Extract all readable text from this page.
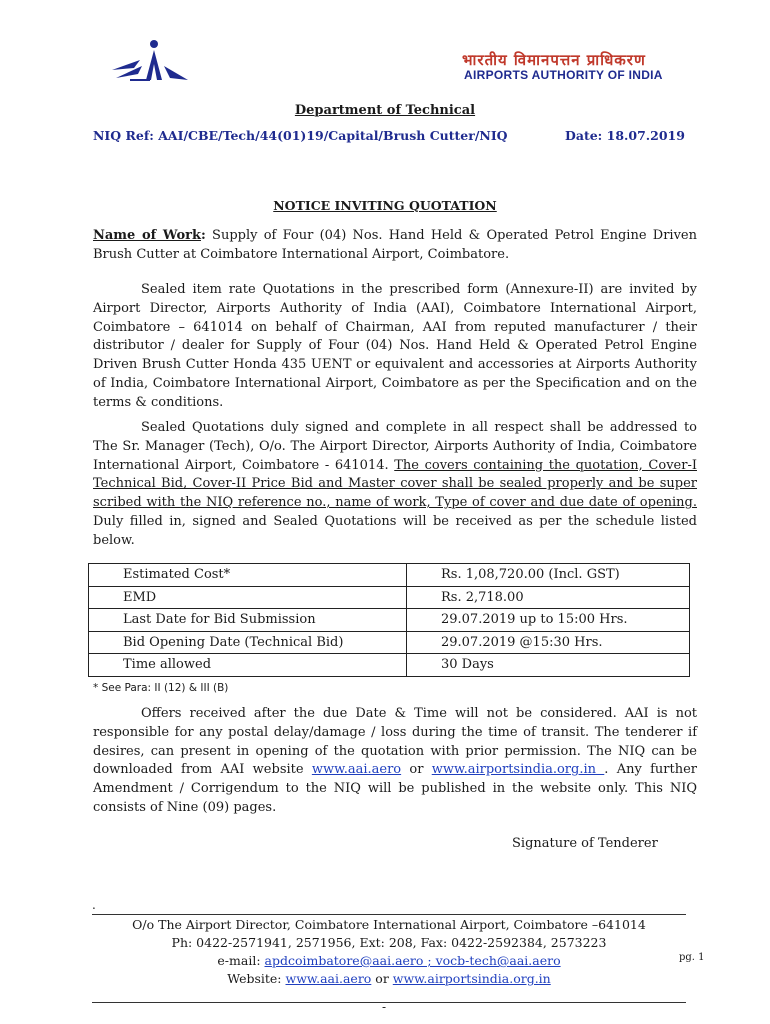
भारतीय विमानपत्तन प्राधिकरण
AIRPORTS AUTHORITY OF INDIA
Department of Technical
NIQ Ref: AAI/CBE/Tech/44(01)19/Capital/Brush Cutter/NIQ	Date: 18.07.2019
NOTICE INVITING QUOTATION

Name of Work: Supply of Four (04) Nos. Hand Held & Operated Petrol Engine Driven Brush Cutter at Coimbatore International Airport, Coimbatore.

Sealed item rate Quotations in the prescribed form (Annexure-II) are invited by Airport Director, Airports Authority of India (AAI), Coimbatore International Airport, Coimbatore – 641014 on behalf of Chairman, AAI from reputed manufacturer / their distributor / dealer for Supply of Four (04) Nos. Hand Held & Operated Petrol Engine Driven Brush Cutter Honda 435 UENT or equivalent and accessories at Airports Authority of India, Coimbatore International Airport, Coimbatore as per the Specification and on the terms & conditions.

Sealed Quotations duly signed and complete in all respect shall be addressed to The Sr. Manager (Tech), O/o. The Airport Director, Airports Authority of India, Coimbatore International Airport, Coimbatore - 641014. The covers containing the quotation, Cover-I Technical Bid, Cover-II Price Bid and Master cover shall be sealed properly and be super scribed with the NIQ reference no., name of work, Type of cover and due date of opening. Duly filled in, signed and Sealed Quotations will be received as per the schedule listed below.

Estimated Cost*	Rs. 1,08,720.00 (Incl. GST)
EMD	Rs. 2,718.00
Last Date for Bid Submission	29.07.2019 up to 15:00 Hrs.
Bid Opening Date (Technical Bid)	29.07.2019 @15:30 Hrs.
Time allowed	30 Days
* See Para: II (12) & III (B)

Offers received after the due Date & Time will not be considered. AAI is not responsible for any postal delay/damage / loss during the time of transit. The tenderer if desires, can present in opening of the quotation with prior permission. The NIQ can be downloaded from AAI website www.aai.aero or www.airportsindia.org.in . Any further Amendment / Corrigendum to the NIQ will be published in the website only. This NIQ consists of Nine (09) pages.

Signature of Tenderer
.
O/o The Airport Director, Coimbatore International Airport, Coimbatore –641014
Ph: 0422-2571941, 2571956, Ext: 208, Fax: 0422-2592384, 2573223
e-mail: apdcoimbatore@aai.aero ; vocb-tech@aai.aero
Website: www.aai.aero or www.airportsindia.org.in
pg. 1
-
